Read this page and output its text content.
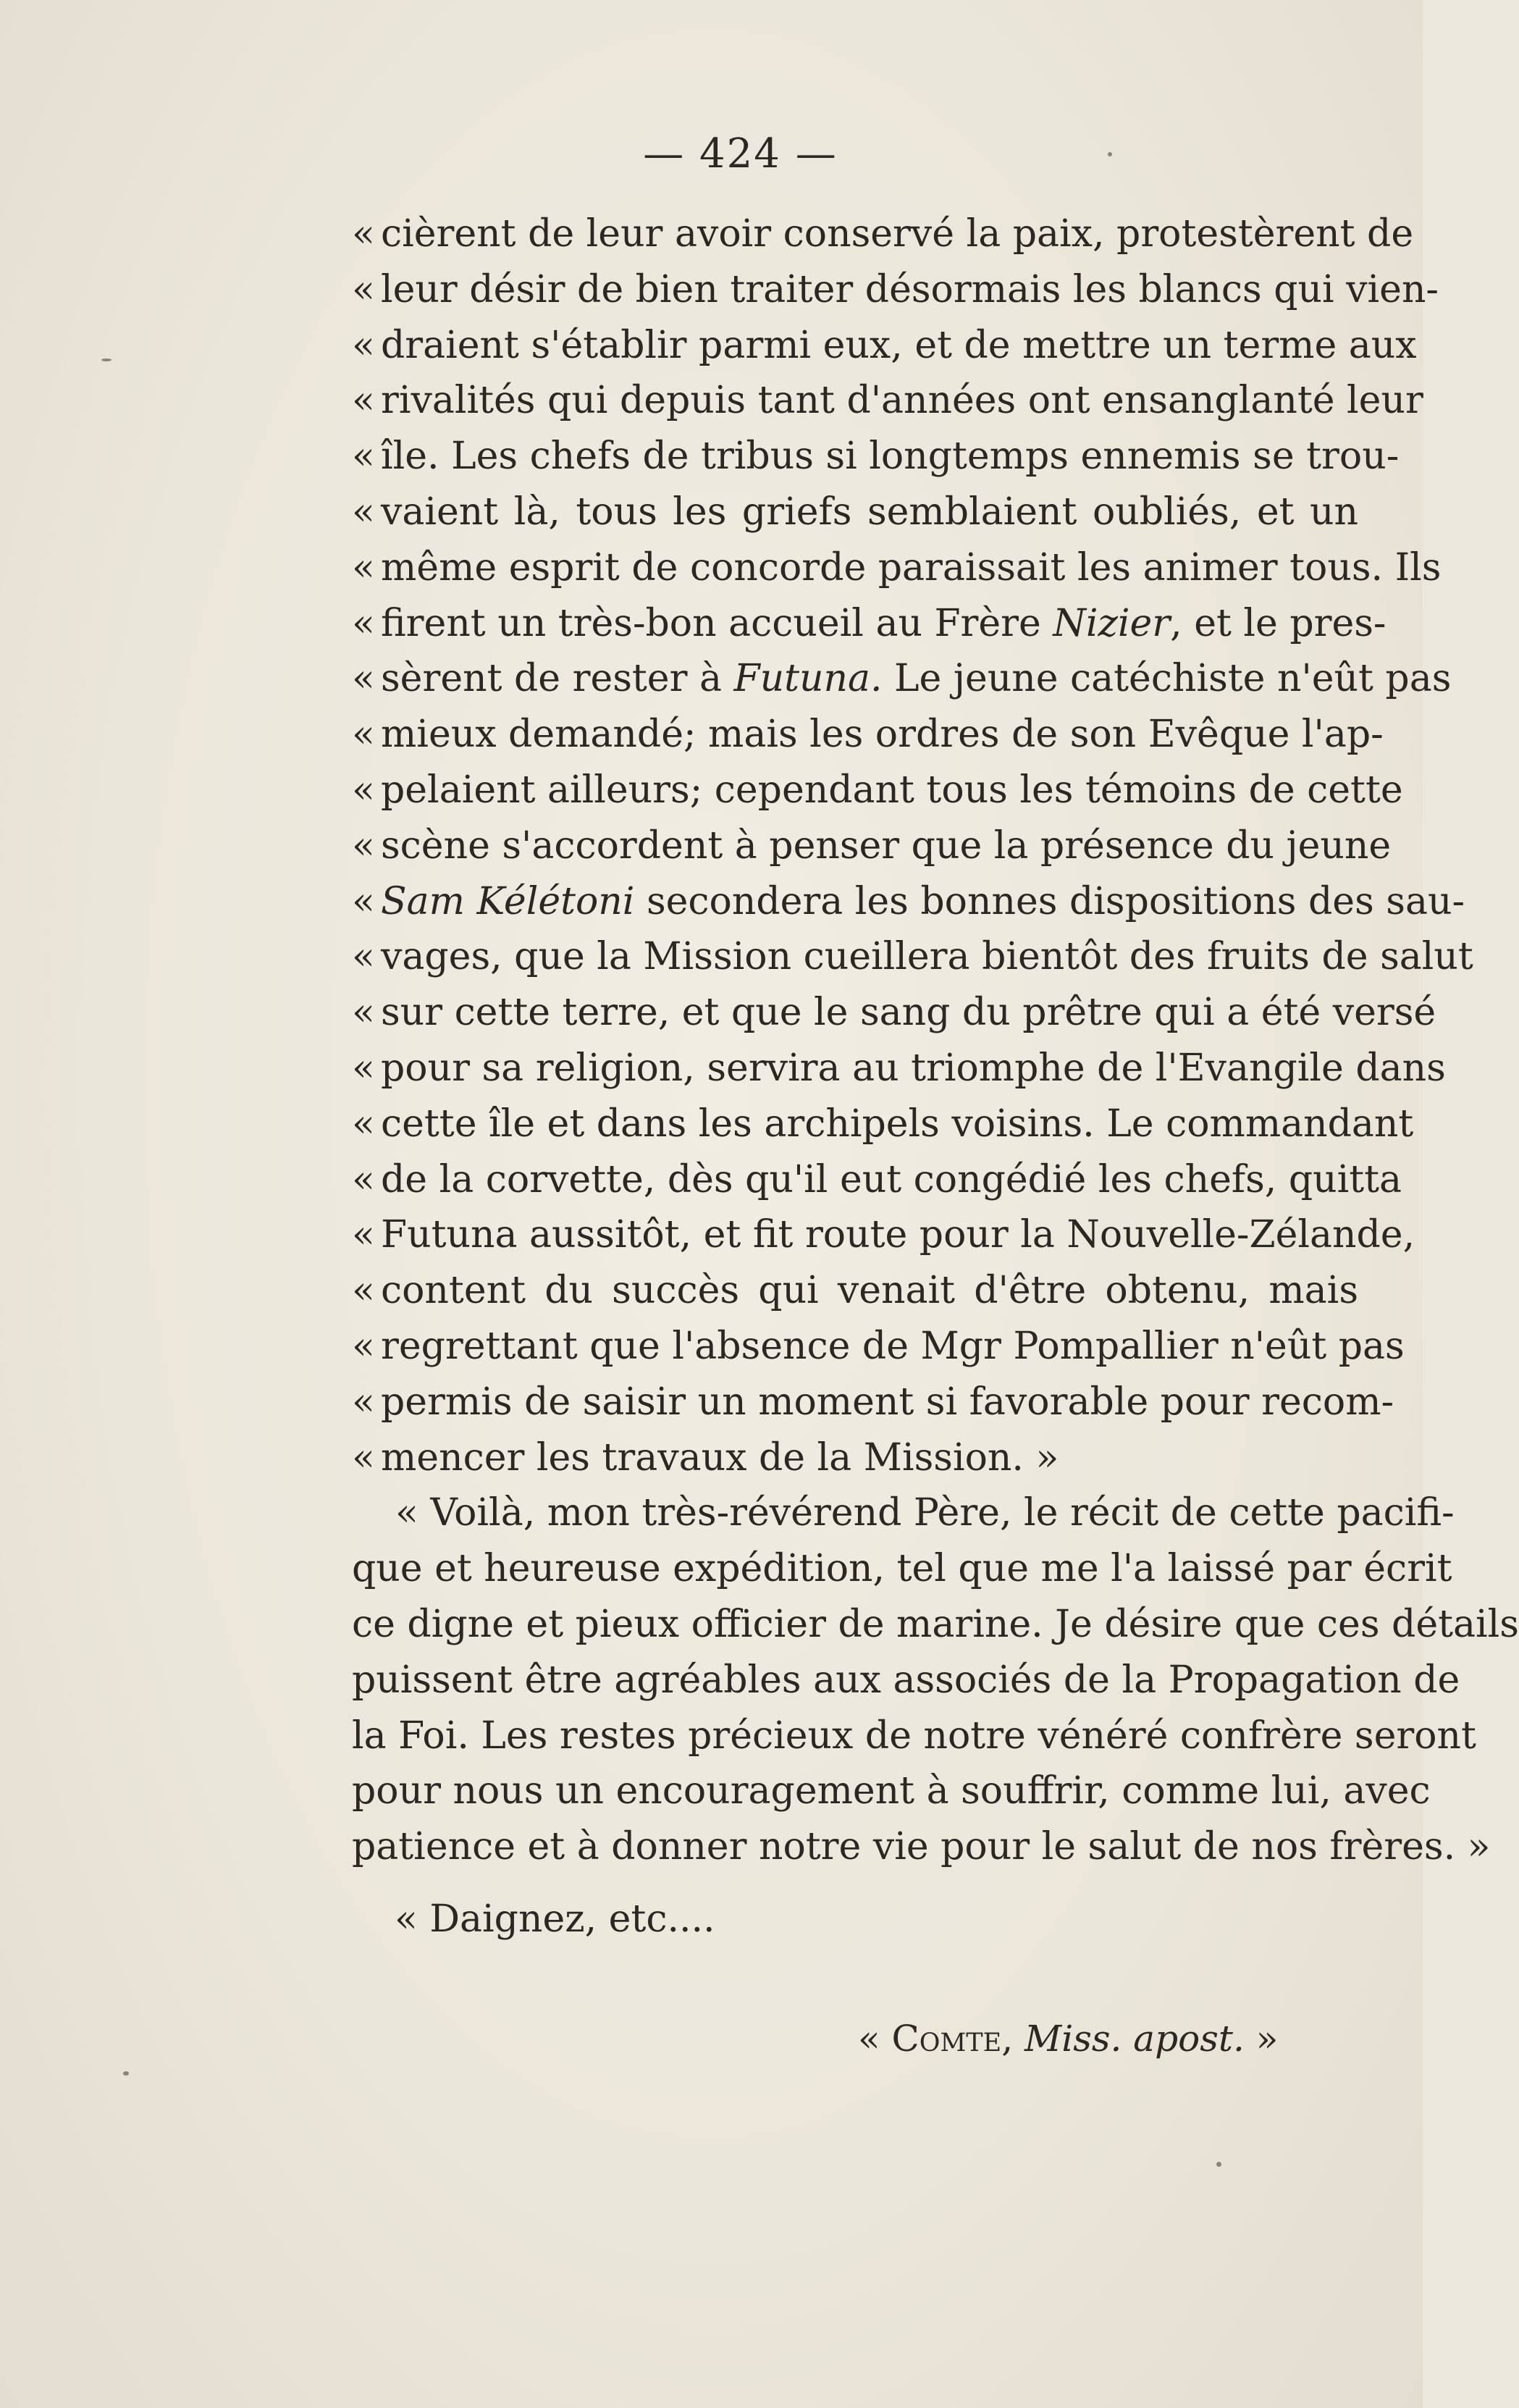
— 424 —
« cièrent de leur avoir conservé la paix, protestèrent de
« leur désir de bien traiter désormais les blancs qui vien-
« draient s'établir parmi eux, et de mettre un terme aux
« rivalités qui depuis tant d'années ont ensanglanté leur
« île. Les chefs de tribus si longtemps ennemis se trou-
« vaient là, tous les griefs semblaient oubliés, et un
« même esprit de concorde paraissait les animer tous. Ils
« firent un très-bon accueil au Frère Nizier, et le pres-
« sèrent de rester à Futuna. Le jeune catéchiste n'eût pas
« mieux demandé; mais les ordres de son Evêque l'ap-
« pelaient ailleurs; cependant tous les témoins de cette
« scène s'accordent à penser que la présence du jeune
« Sam Kélétoni secondera les bonnes dispositions des sau-
« vages, que la Mission cueillera bientôt des fruits de salut
« sur cette terre, et que le sang du prêtre qui a été versé
« pour sa religion, servira au triomphe de l'Evangile dans
« cette île et dans les archipels voisins. Le commandant
« de la corvette, dès qu'il eut congédié les chefs, quitta
« Futuna aussitôt, et fit route pour la Nouvelle-Zélande,
« content du succès qui venait d'être obtenu, mais
« regrettant que l'absence de Mgr Pompallier n'eût pas
« permis de saisir un moment si favorable pour recom-
« mencer les travaux de la Mission. »
« Voilà, mon très-révérend Père, le récit de cette pacifi-
que et heureuse expédition, tel que me l'a laissé par écrit
ce digne et pieux officier de marine. Je désire que ces détails
puissent être agréables aux associés de la Propagation de
la Foi. Les restes précieux de notre vénéré confrère seront
pour nous un encouragement à souffrir, comme lui, avec
patience et à donner notre vie pour le salut de nos frères. »
« Daignez, etc....
« Comte, Miss. apost. »
